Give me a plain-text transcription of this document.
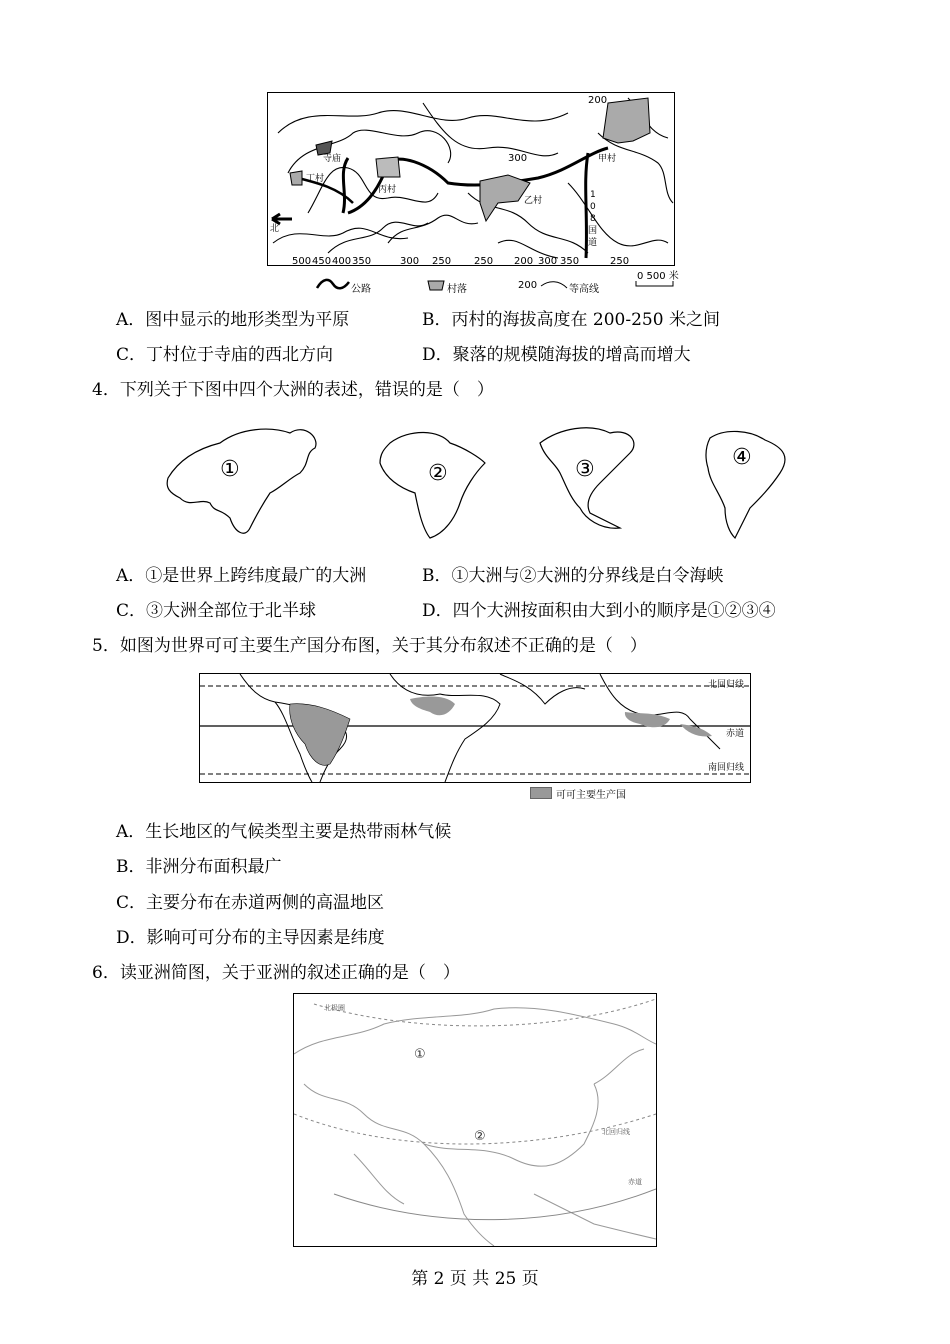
寺庙
丁村
丙村
乙村
甲村
北
200
300
1
0
8
国
道
500 450 400 350	300 250 250 200 300 350	250
公路	村落	200	等高线
0 500 米
A．图中显示的地形类型为平原	B．丙村的海拔高度在 200-250 米之间
C．丁村位于寺庙的西北方向	D．聚落的规模随海拔的增高而增大
4．下列关于下图中四个大洲的表述，错误的是（　）
①	②	③	④
A．①是世界上跨纬度最广的大洲	B．①大洲与②大洲的分界线是白令海峡
C．③大洲全部位于北半球	D．四个大洲按面积由大到小的顺序是①②③④
5．如图为世界可可主要生产国分布图，关于其分布叙述不正确的是（　）
北回归线
赤道
南回归线
可可主要生产国
A．生长地区的气候类型主要是热带雨林气候
B．非洲分布面积最广
C．主要分布在赤道两侧的高温地区
D．影响可可分布的主导因素是纬度
6．读亚洲简图，关于亚洲的叙述正确的是（　）
北极圈
北回归线
赤道
①
②
第 2 页 共 25 页
